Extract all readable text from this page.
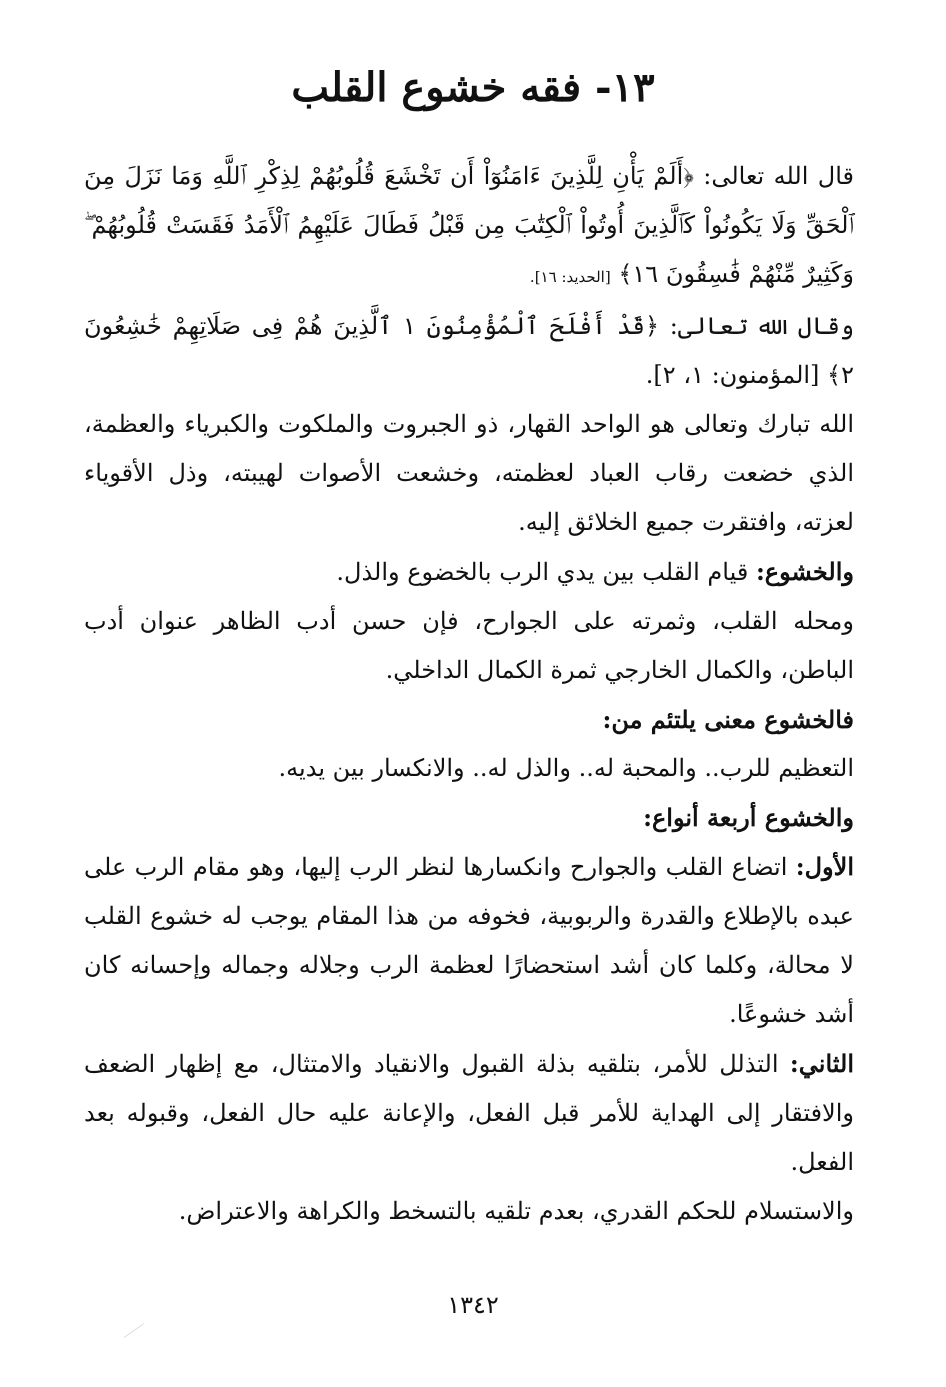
١٣- فقه خشوع القلب

قال الله تعالى: ﴿أَلَمْ يَأْنِ لِلَّذِينَ ءَامَنُوٓاْ أَن تَخْشَعَ قُلُوبُهُمْ لِذِكْرِ ٱللَّهِ وَمَا نَزَلَ مِنَ ٱلْحَقِّ وَلَا يَكُونُواْ كَٱلَّذِينَ أُوتُواْ ٱلْكِتَٰبَ مِن قَبْلُ فَطَالَ عَلَيْهِمُ ٱلْأَمَدُ فَقَسَتْ قُلُوبُهُمْ ۖ وَكَثِيرٌ مِّنْهُمْ فَٰسِقُونَ ١٦﴾ [الحديد: ١٦].

وقال الله تعالى: ﴿قَدْ أَفْلَحَ ٱلْمُؤْمِنُونَ ١ ٱلَّذِينَ هُمْ فِى صَلَاتِهِمْ خَٰشِعُونَ ٢﴾ [المؤمنون: ١، ٢].

الله تبارك وتعالى هو الواحد القهار، ذو الجبروت والملكوت والكبرياء والعظمة، الذي خضعت رقاب العباد لعظمته، وخشعت الأصوات لهيبته، وذل الأقوياء لعزته، وافتقرت جميع الخلائق إليه.

والخشوع: قيام القلب بين يدي الرب بالخضوع والذل.

ومحله القلب، وثمرته على الجوارح، فإن حسن أدب الظاهر عنوان أدب الباطن، والكمال الخارجي ثمرة الكمال الداخلي.

فالخشوع معنى يلتئم من:

التعظيم للرب.. والمحبة له.. والذل له.. والانكسار بين يديه.

والخشوع أربعة أنواع:

الأول: اتضاع القلب والجوارح وانكسارها لنظر الرب إليها، وهو مقام الرب على عبده بالإطلاع والقدرة والربوبية، فخوفه من هذا المقام يوجب له خشوع القلب لا محالة، وكلما كان أشد استحضارًا لعظمة الرب وجلاله وجماله وإحسانه كان أشد خشوعًا.

الثاني: التذلل للأمر، بتلقيه بذلة القبول والانقياد والامتثال، مع إظهار الضعف والافتقار إلى الهداية للأمر قبل الفعل، والإعانة عليه حال الفعل، وقبوله بعد الفعل.

والاستسلام للحكم القدري، بعدم تلقيه بالتسخط والكراهة والاعتراض.

١٣٤٢
